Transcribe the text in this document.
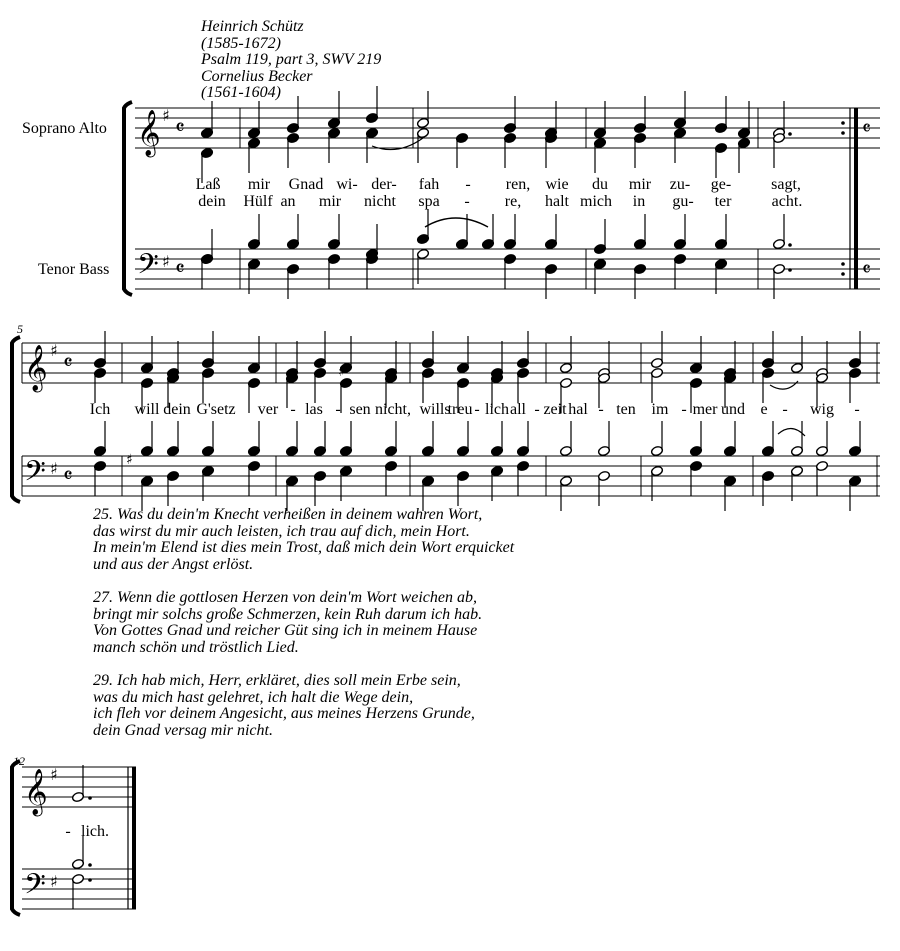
Heinrich Schütz
(1585-1672)
Psalm 119, part 3, SWV 219
Cornelius Becker
(1561-1604)
Soprano Alto
Tenor Bass
5
12
𝄞
𝄢
♯
♯
𝄴
𝄴
𝄴
𝄴
𝄞
𝄢
♯
♯
𝄴
𝄴
♯
♯
𝄞
𝄢
♯
♯
Laß mir Gnad wi- der- fah - ren, wie du mir zu- ge- sagt,
dein Hülf an mir nicht spa - re, halt mich in gu- ter	acht.
Ich will dein G'setz ver - las - sen nicht, wills
treu - lich all - zeit hal - ten im - mer und e - wig -
- lich.
25. Was du dein'm Knecht verheißen in deinem wahren Wort,
das wirst du mir auch leisten, ich trau auf dich, mein Hort.
In mein'm Elend ist dies mein Trost, daß mich dein Wort erquicket
und aus der Angst erlöst.
27. Wenn die gottlosen Herzen von dein'm Wort weichen ab,
bringt mir solchs große Schmerzen, kein Ruh darum ich hab.
Von Gottes Gnad und reicher Güt sing ich in meinem Hause
manch schön und tröstlich Lied.
29. Ich hab mich, Herr, erkläret, dies soll mein Erbe sein,
was du mich hast gelehret, ich halt die Wege dein,
ich fleh vor deinem Angesicht, aus meines Herzens Grunde,
dein Gnad versag mir nicht.
